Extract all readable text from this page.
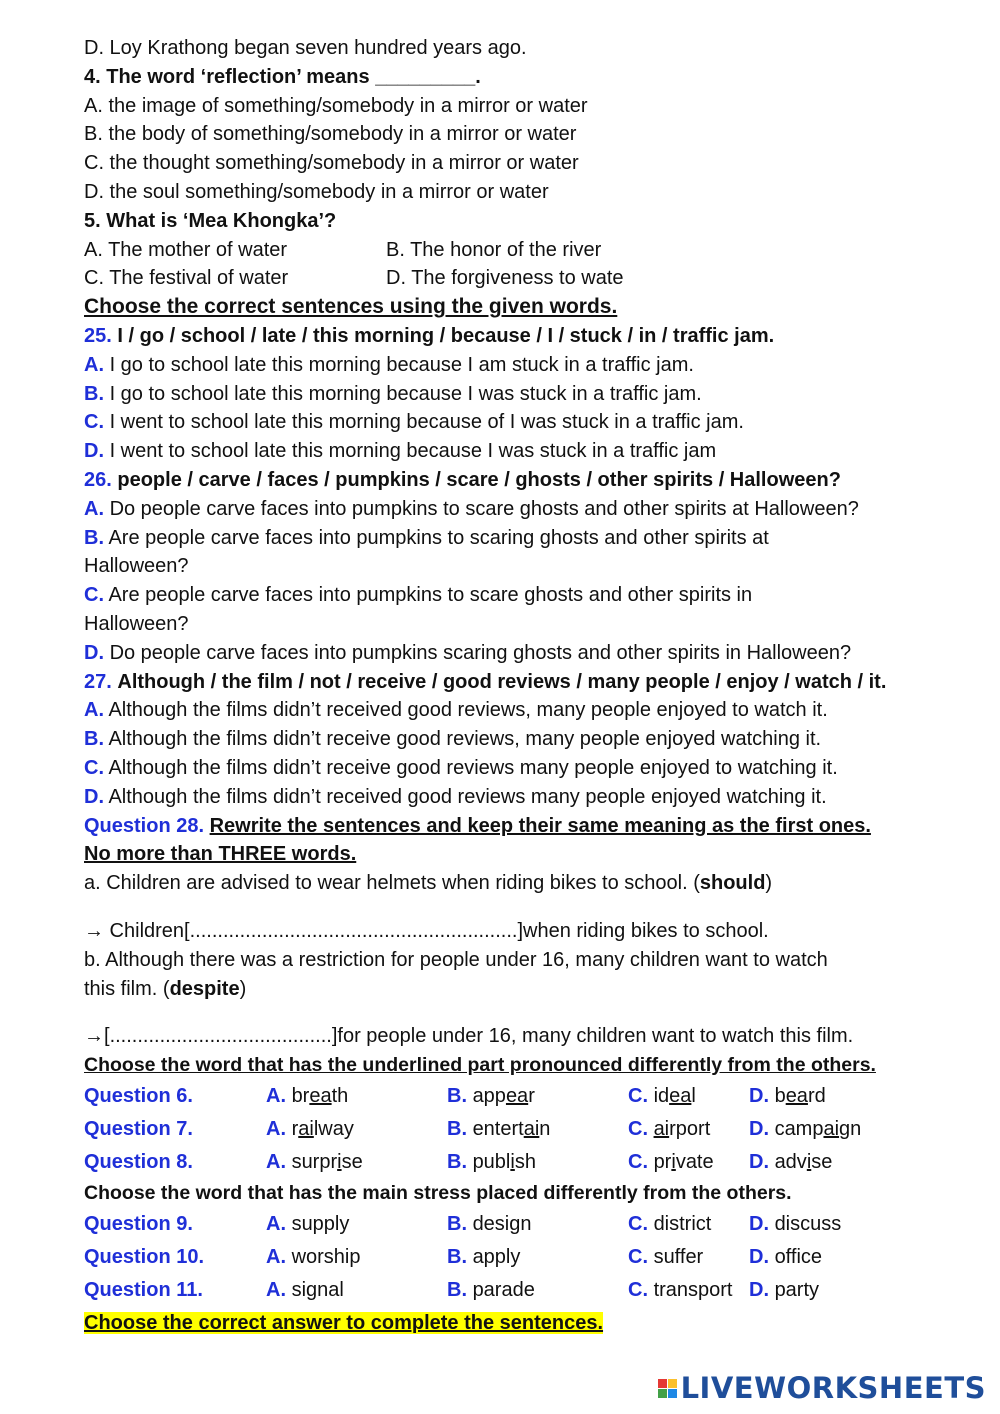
D. Loy Krathong began seven hundred years ago.
4. The word ‘reflection’ means _________.
A. the image of something/somebody in a mirror or water
B. the body of something/somebody in a mirror or water
C. the thought something/somebody in a mirror or water
D. the soul something/somebody in a mirror or water
5. What is ‘Mea Khongka’?
A. The mother of water	B. The honor of the river
C. The festival of water	D. The forgiveness to wate
Choose the correct sentences using the given words.
25. I / go / school / late / this morning / because / I / stuck / in / traffic jam.
A. I go to school late this morning because I am stuck in a traffic jam.
B. I go to school late this morning because I was stuck in a traffic jam.
C. I went to school late this morning because of I was stuck in a traffic jam.
D. I went to school late this morning because I was stuck in a traffic jam
26. people / carve / faces / pumpkins / scare / ghosts / other spirits / Halloween?
A. Do people carve faces into pumpkins to scare ghosts and other spirits at Halloween?
B. Are people carve faces into pumpkins to scaring ghosts and other spirits at
Halloween?
C. Are people carve faces into pumpkins to scare ghosts and other spirits in
Halloween?
D. Do people carve faces into pumpkins scaring ghosts and other spirits in Halloween?
27. Although / the film / not / receive / good reviews / many people / enjoy / watch / it.
A. Although the films didn’t received good reviews, many people enjoyed to watch it.
B. Although the films didn’t receive good reviews, many people enjoyed watching it.
C. Although the films didn’t receive good reviews many people enjoyed to watching it.
D. Although the films didn’t received good reviews many people enjoyed watching it.
Question 28. Rewrite the sentences and keep their same meaning as the first ones.
No more than THREE words.
a. Children are advised to wear helmets when riding bikes to school. (should)
→ Children[...........................................................]when riding bikes to school.
b. Although there was a restriction for people under 16, many children want to watch
this film. (despite)
→[........................................]for people under 16, many children want to watch this film.
Choose the word that has the underlined part pronounced differently from the others.
Question 6.	A. breath	B. appear	C. ideal	D. beard
Question 7.	A. railway	B. entertain	C. airport D. campaign
Question 8.	A. surprise	B. publish	C. private D. advise
Choose the word that has the main stress placed differently from the others.
Question 9.	A. supply	B. design	C. district D. discuss
Question 10.	A. worship	B. apply	C. suffer D. office
Question 11.	A. signal	B. parade	C. transport D. party
Choose the correct answer to complete the sentences.
LIVEWORKSHEETS
